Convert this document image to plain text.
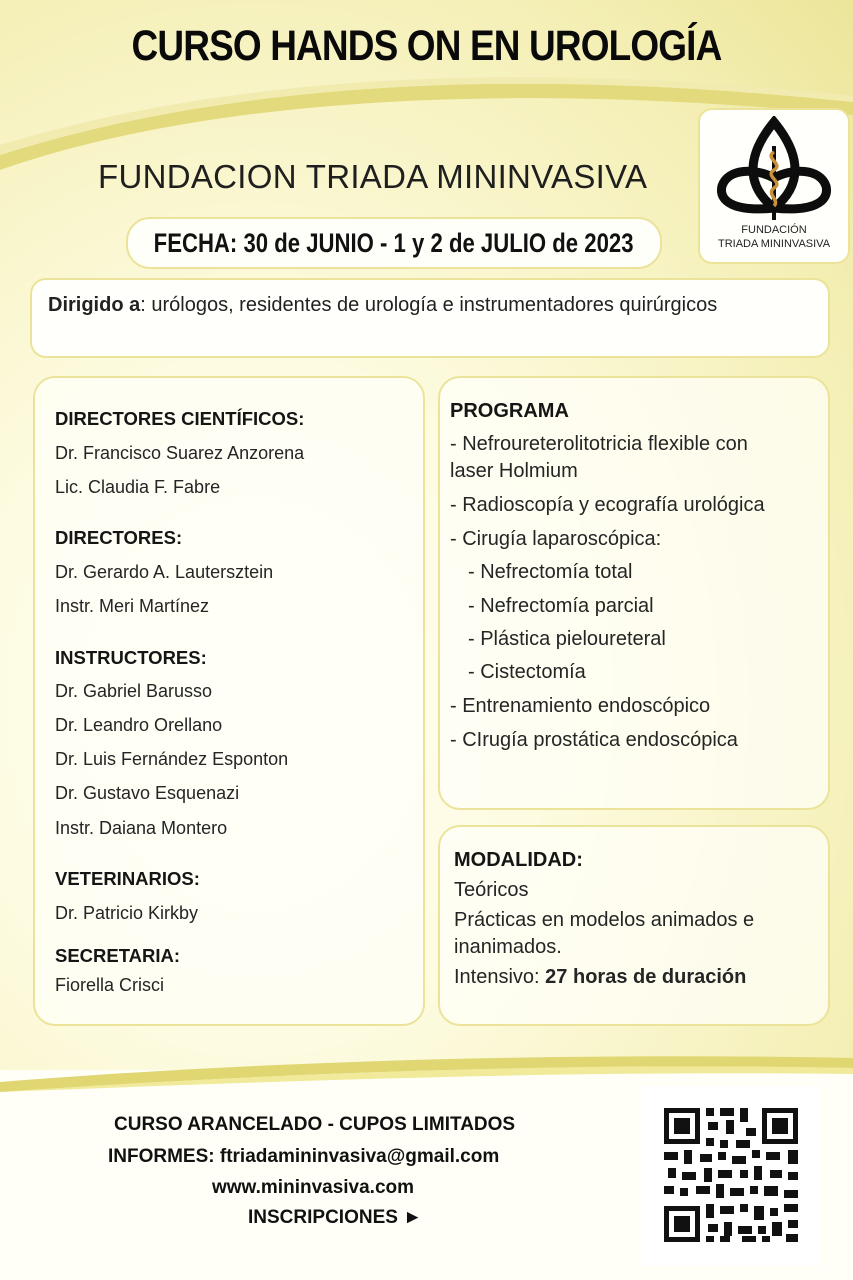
CURSO HANDS ON EN UROLOGÍA
FUNDACION TRIADA MININVASIVA
FECHA: 30 de JUNIO - 1 y 2 de JULIO de 2023	FUNDACIÓN
TRIADA MININVASIVA
Dirigido a: urólogos, residentes de urología e instrumentadores quirúrgicos
DIRECTORES CIENTÍFICOS:
Dr. Francisco Suarez Anzorena
Lic. Claudia F. Fabre
DIRECTORES:
Dr. Gerardo A. Lautersztein
Instr. Meri Martínez
INSTRUCTORES:
Dr. Gabriel Barusso
Dr. Leandro Orellano
Dr. Luis Fernández Esponton
Dr. Gustavo Esquenazi
Instr. Daiana Montero
VETERINARIOS:
Dr. Patricio Kirkby
SECRETARIA:
Fiorella Crisci
PROGRAMA
- Nefroureterolitotricia flexible con
laser Holmium
- Radioscopía y ecografía urológica
- Cirugía laparoscópica:
- Nefrectomía total
- Nefrectomía parcial
- Plástica pieloureteral
- Cistectomía
- Entrenamiento endoscópico
- CIrugía prostática endoscópica
MODALIDAD:
Teóricos
Prácticas en modelos animados e
inanimados.
Intensivo: 27 horas de duración
CURSO ARANCELADO - CUPOS LIMITADOS
INFORMES: ftriadamininvasiva@gmail.com
www.mininvasiva.com
INSCRIPCIONES ►
